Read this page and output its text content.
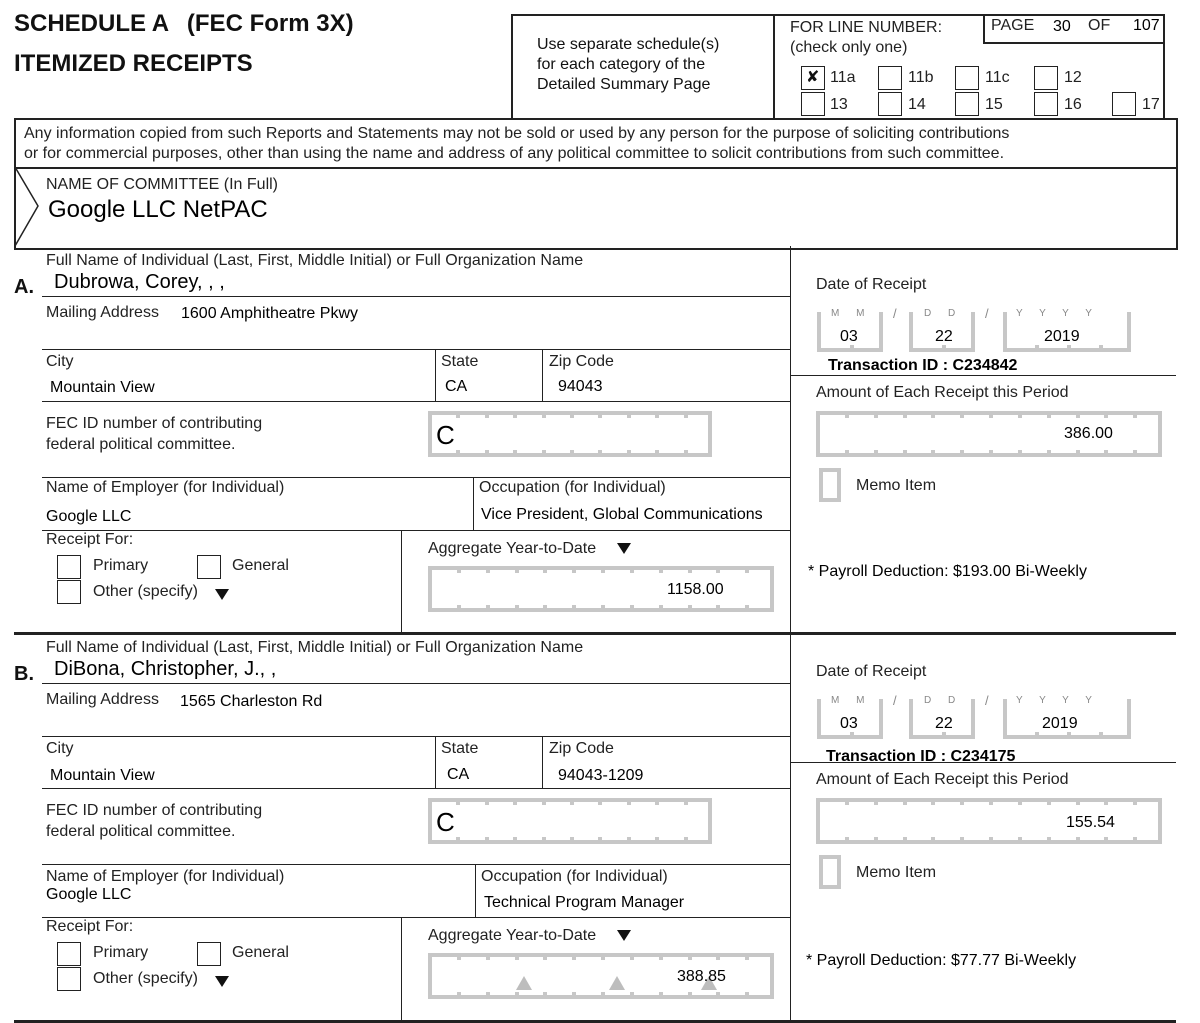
SCHEDULE A (FEC Form 3X)
ITEMIZED RECEIPTS
Use separate schedule(s)
for each category of the
Detailed Summary Page
FOR LINE NUMBER:
(check only one)
PAGE 30 OF 107
✘ 11a	11b	11c	12
13	14	15	16	17
Any information copied from such Reports and Statements may not be sold or used by any person for the purpose of soliciting contributions
or for commercial purposes, other than using the name and address of any political committee to solicit contributions from such committee.
NAME OF COMMITTEE (In Full)
Google LLC NetPAC
Full Name of Individual (Last, First, Middle Initial) or Full Organization Name
A. Dubrowa, Corey, , ,
Mailing Address 1600 Amphitheatre Pkwy
City	State	Zip Code
Mountain View	CA	94043
FEC ID number of contributing
federal political committee.	C
Name of Employer (for Individual)	Occupation (for Individual)
Google LLC	Vice President, Global Communications
Receipt For:
Primary	General
Other (specify)
Aggregate Year-to-Date
1158.00
Date of Receipt
M M
03
/	D D
22
/	Y Y Y Y
2019
Transaction ID : C234842
Amount of Each Receipt this Period
386.00
Memo Item
* Payroll Deduction: $193.00 Bi-Weekly
Full Name of Individual (Last, First, Middle Initial) or Full Organization Name
B. DiBona, Christopher, J., ,
Mailing Address 1565 Charleston Rd
City	State	Zip Code
Mountain View	CA	94043-1209
FEC ID number of contributing
federal political committee.	C
Name of Employer (for Individual)	Occupation (for Individual)
Google LLC	Technical Program Manager
Receipt For:
Primary	General
Other (specify)
Aggregate Year-to-Date
388.85
Date of Receipt
M M
03
/	D D
22
/	Y Y Y Y
2019
Transaction ID : C234175
Amount of Each Receipt this Period
155.54
Memo Item
* Payroll Deduction: $77.77 Bi-Weekly
